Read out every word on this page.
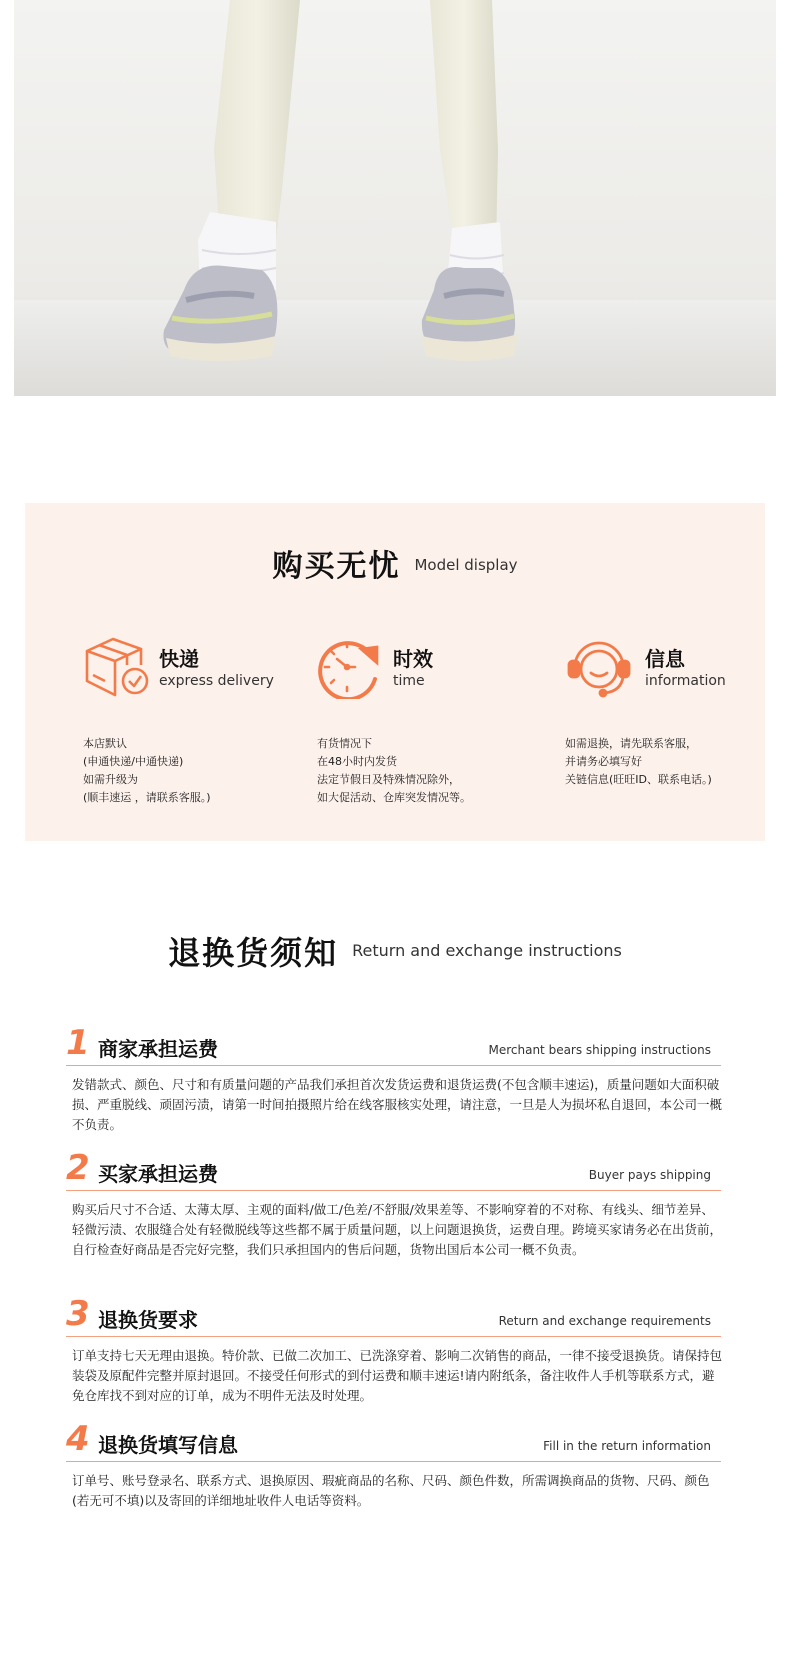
购买无忧 Model display
快递
express delivery
本店默认
(申通快递/中通快递)
如需升级为
(顺丰速运 ，请联系客服。)
时效
time
有货情况下
在48小时内发货
法定节假日及特殊情况除外，
如大促活动、仓库突发情况等。
信息
information
如需退换，请先联系客服，
并请务必填写好
关链信息(旺旺ID、联系电话。)
退换货须知 Return and exchange instructions
1 商家承担运费	Merchant bears shipping instructions
发错款式、颜色、尺寸和有质量问题的产品我们承担首次发货运费和退货运费(不包含顺丰速运)，质量问题如大面积破损、严重脱线、顽固污渍，请第一时间拍摄照片给在线客服核实处理，请注意，一旦是人为损坏私自退回，本公司一概不负责。
2 买家承担运费	Buyer pays shipping
购买后尺寸不合适、太薄太厚、主观的面料/做工/色差/不舒服/效果差等、不影响穿着的不对称、有线头、细节差异、轻微污渍、农服缝合处有轻微脱线等这些都不属于质量问题，以上问题退换货，运费自理。跨境买家请务必在出货前，自行检查好商品是否完好完整，我们只承担国内的售后问题，货物出国后本公司一概不负责。
3 退换货要求	Return and exchange requirements
订单支持七天无理由退换。特价款、已做二次加工、已洗涤穿着、影响二次销售的商品，一律不接受退换货。请保持包装袋及原配件完整并原封退回。不接受任何形式的到付运费和顺丰速运!请内附纸条，备注收件人手机等联系方式，避免仓库找不到对应的订单，成为不明件无法及时处理。
4 退换货填写信息	Fill in the return information
订单号、账号登录名、联系方式、退换原因、瑕疵商品的名称、尺码、颜色件数，所需调换商品的货物、尺码、颜色(若无可不填)以及寄回的详细地址收件人电话等资料。
